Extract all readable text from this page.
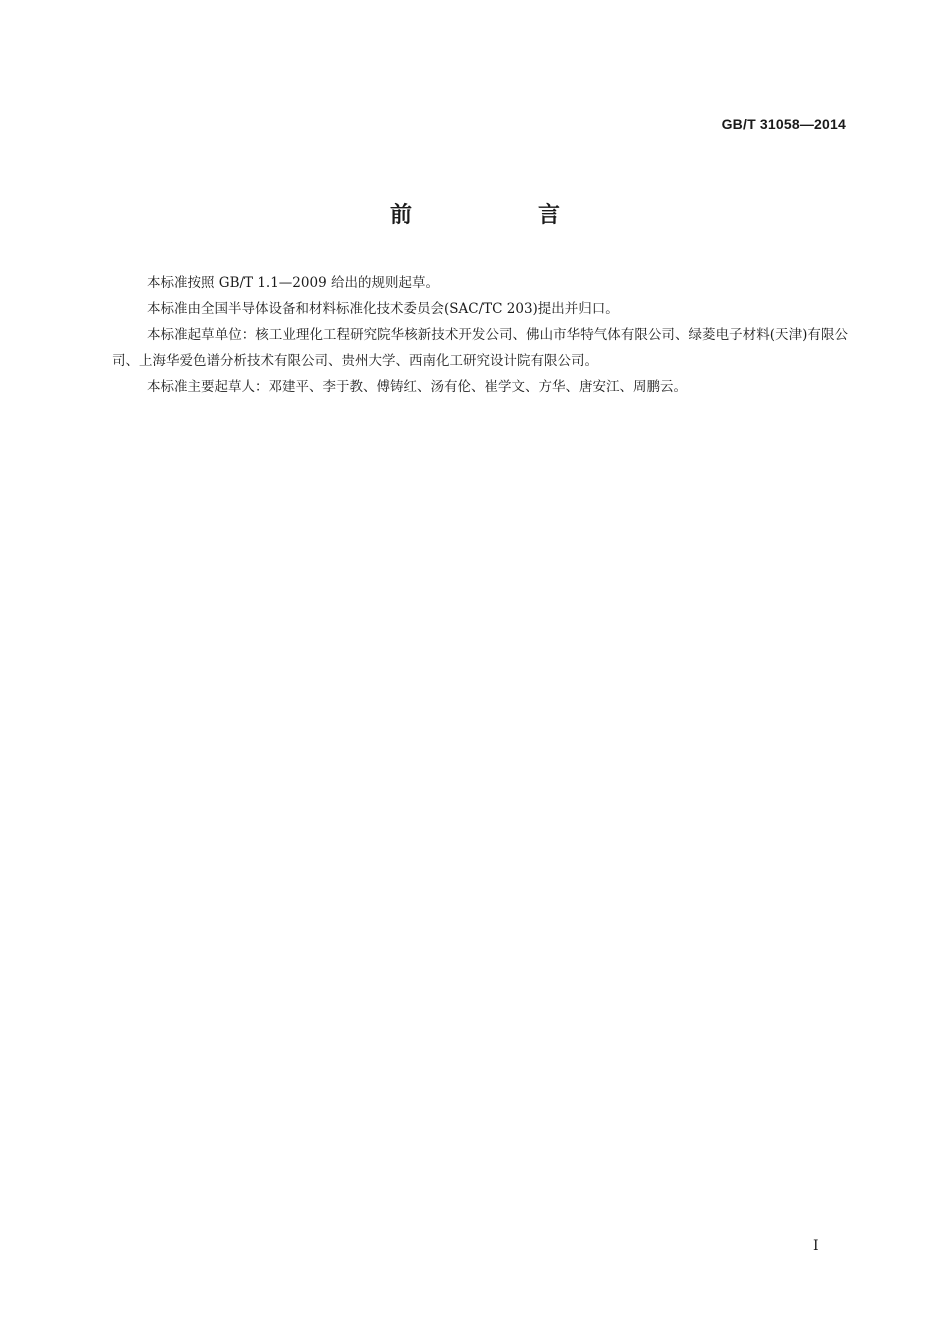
GB/T 31058—2014
前　言

本标准按照 GB/T 1.1—2009 给出的规则起草。

本标准由全国半导体设备和材料标准化技术委员会(SAC/TC 203)提出并归口。

本标准起草单位：核工业理化工程研究院华核新技术开发公司、佛山市华特气体有限公司、绿菱电子材料(天津)有限公司、上海华爱色谱分析技术有限公司、贵州大学、西南化工研究设计院有限公司。

本标准主要起草人：邓建平、李于教、傅铸红、汤有伦、崔学文、方华、唐安江、周鹏云。

I
